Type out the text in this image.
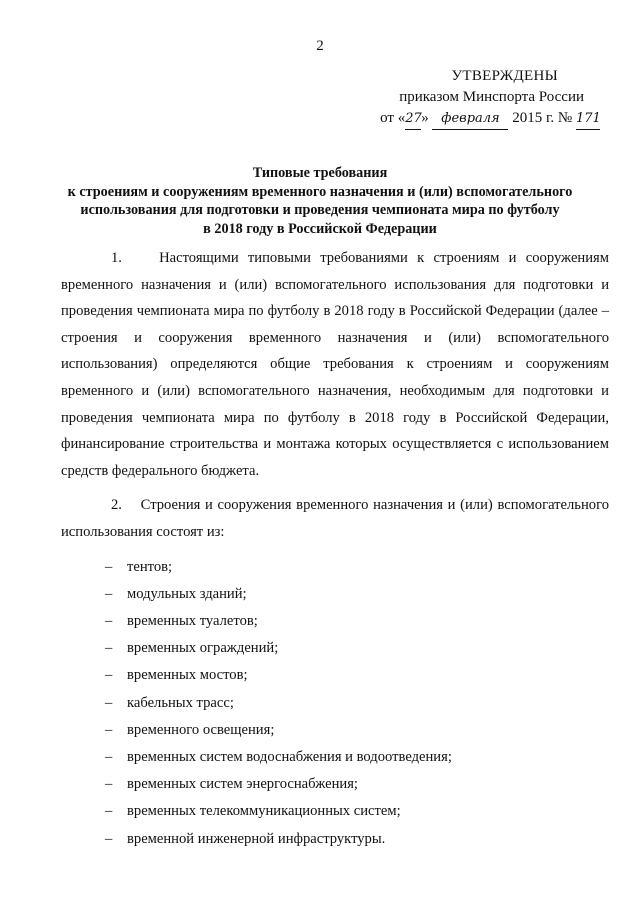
2
УТВЕРЖДЕНЫ
приказом Минспорта России
от «27» февраля 2015 г. № 171
Типовые требования
к строениям и сооружениям временного назначения и (или) вспомогательного
использования для подготовки и проведения чемпионата мира по футболу
в 2018 году в Российской Федерации

1.    Настоящими типовыми требованиями к строениям и сооружениям временного назначения и (или) вспомогательного использования для подготовки и проведения чемпионата мира по футболу в 2018 году в Российской Федерации (далее – строения и сооружения временного назначения и (или) вспомогательного использования) определяются общие требования к строениям и сооружениям временного и (или) вспомогательного назначения, необходимым для подготовки и проведения чемпионата мира по футболу в 2018 году в Российской Федерации, финансирование строительства и монтажа которых осуществляется с использованием средств федерального бюджета.

2.    Строения и сооружения временного назначения и (или) вспомогательного использования состоят из:

– тентов;
– модульных зданий;
– временных туалетов;
– временных ограждений;
– временных мостов;
– кабельных трасс;
– временного освещения;
– временных систем водоснабжения и водоотведения;
– временных систем энергоснабжения;
– временных телекоммуникационных систем;
– временной инженерной инфраструктуры.
